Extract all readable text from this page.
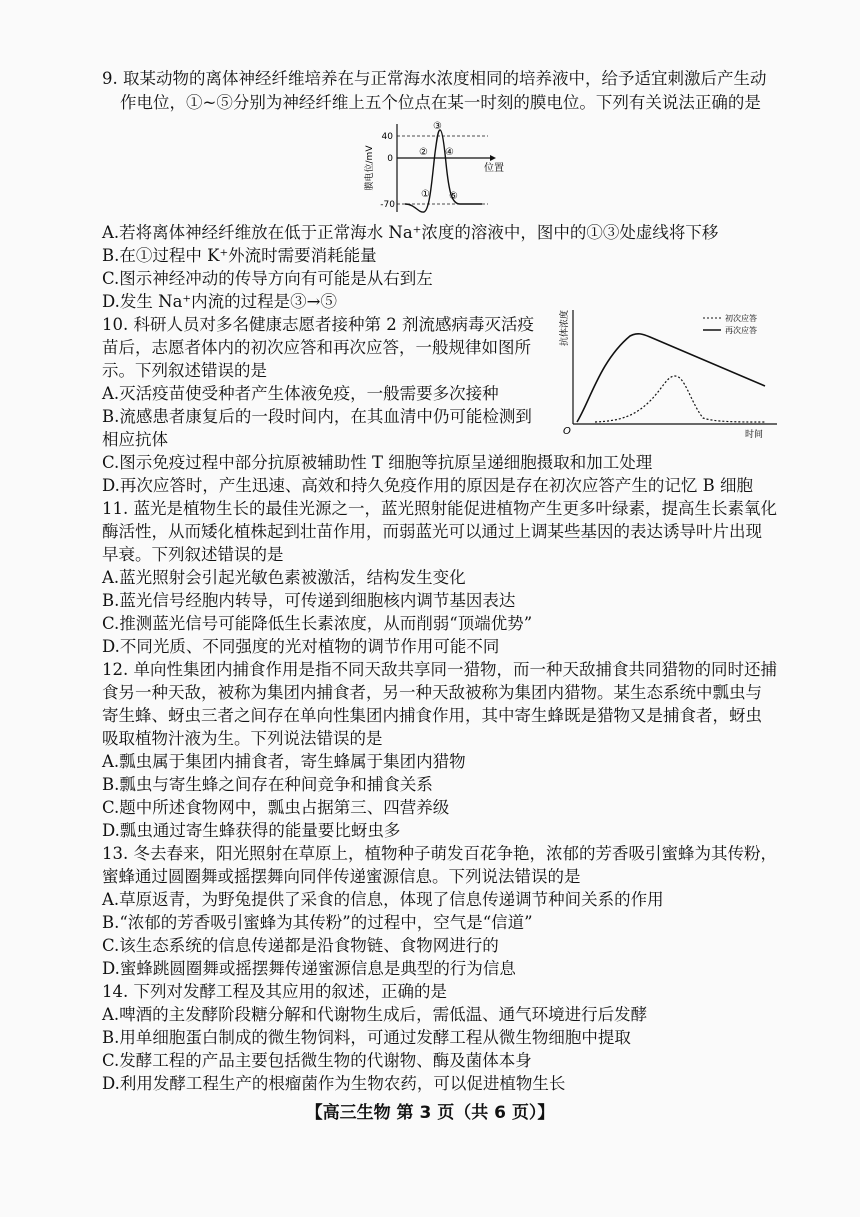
9. 取某动物的离体神经纤维培养在与正常海水浓度相同的培养液中，给予适宜刺激后产生动
作电位，①~⑤分别为神经纤维上五个位点在某一时刻的膜电位。下列有关说法正确的是
膜电位/mV
40
0
-70
位置
①
②
③
④
⑤
A.若将离体神经纤维放在低于正常海水 Na⁺浓度的溶液中，图中的①③处虚线将下移
B.在①过程中 K⁺外流时需要消耗能量
C.图示神经冲动的传导方向有可能是从右到左
D.发生 Na⁺内流的过程是③→⑤
10. 科研人员对多名健康志愿者接种第 2 剂流感病毒灭活疫
苗后，志愿者体内的初次应答和再次应答，一般规律如图所
示。下列叙述错误的是
A.灭活疫苗使受种者产生体液免疫，一般需要多次接种
B.流感患者康复后的一段时间内，在其血清中仍可能检测到
相应抗体
抗体浓度
O	时间
初次应答
再次应答
C.图示免疫过程中部分抗原被辅助性 T 细胞等抗原呈递细胞摄取和加工处理
D.再次应答时，产生迅速、高效和持久免疫作用的原因是存在初次应答产生的记忆 B 细胞
11. 蓝光是植物生长的最佳光源之一，蓝光照射能促进植物产生更多叶绿素，提高生长素氧化
酶活性，从而矮化植株起到壮苗作用，而弱蓝光可以通过上调某些基因的表达诱导叶片出现
早衰。下列叙述错误的是
A.蓝光照射会引起光敏色素被激活，结构发生变化
B.蓝光信号经胞内转导，可传递到细胞核内调节基因表达
C.推测蓝光信号可能降低生长素浓度，从而削弱“顶端优势”
D.不同光质、不同强度的光对植物的调节作用可能不同
12. 单向性集团内捕食作用是指不同天敌共享同一猎物，而一种天敌捕食共同猎物的同时还捕
食另一种天敌，被称为集团内捕食者，另一种天敌被称为集团内猎物。某生态系统中瓢虫与
寄生蜂、蚜虫三者之间存在单向性集团内捕食作用，其中寄生蜂既是猎物又是捕食者，蚜虫
吸取植物汁液为生。下列说法错误的是
A.瓢虫属于集团内捕食者，寄生蜂属于集团内猎物
B.瓢虫与寄生蜂之间存在种间竞争和捕食关系
C.题中所述食物网中，瓢虫占据第三、四营养级
D.瓢虫通过寄生蜂获得的能量要比蚜虫多
13. 冬去春来，阳光照射在草原上，植物种子萌发百花争艳，浓郁的芳香吸引蜜蜂为其传粉，
蜜蜂通过圆圈舞或摇摆舞向同伴传递蜜源信息。下列说法错误的是
A.草原返青，为野兔提供了采食的信息，体现了信息传递调节种间关系的作用
B.“浓郁的芳香吸引蜜蜂为其传粉”的过程中，空气是“信道”
C.该生态系统的信息传递都是沿食物链、食物网进行的
D.蜜蜂跳圆圈舞或摇摆舞传递蜜源信息是典型的行为信息
14. 下列对发酵工程及其应用的叙述，正确的是
A.啤酒的主发酵阶段糖分解和代谢物生成后，需低温、通气环境进行后发酵
B.用单细胞蛋白制成的微生物饲料，可通过发酵工程从微生物细胞中提取
C.发酵工程的产品主要包括微生物的代谢物、酶及菌体本身
D.利用发酵工程生产的根瘤菌作为生物农药，可以促进植物生长
【高三生物 第 3 页（共 6 页）】
